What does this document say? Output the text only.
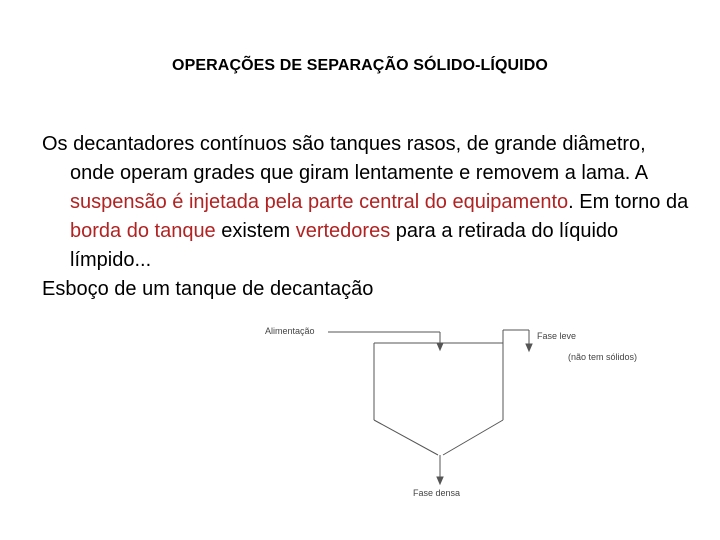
OPERAÇÕES DE SEPARAÇÃO SÓLIDO-LÍQUIDO

Os decantadores contínuos são tanques rasos, de grande diâmetro, onde operam grades que giram lentamente e removem a lama. A suspensão é injetada pela parte central do equipamento. Em torno da borda do tanque existem vertedores para a retirada do líquido límpido...

Esboço de um tanque de decantação

Alimentação	Fase leve
(não tem sólidos)
Fase densa
